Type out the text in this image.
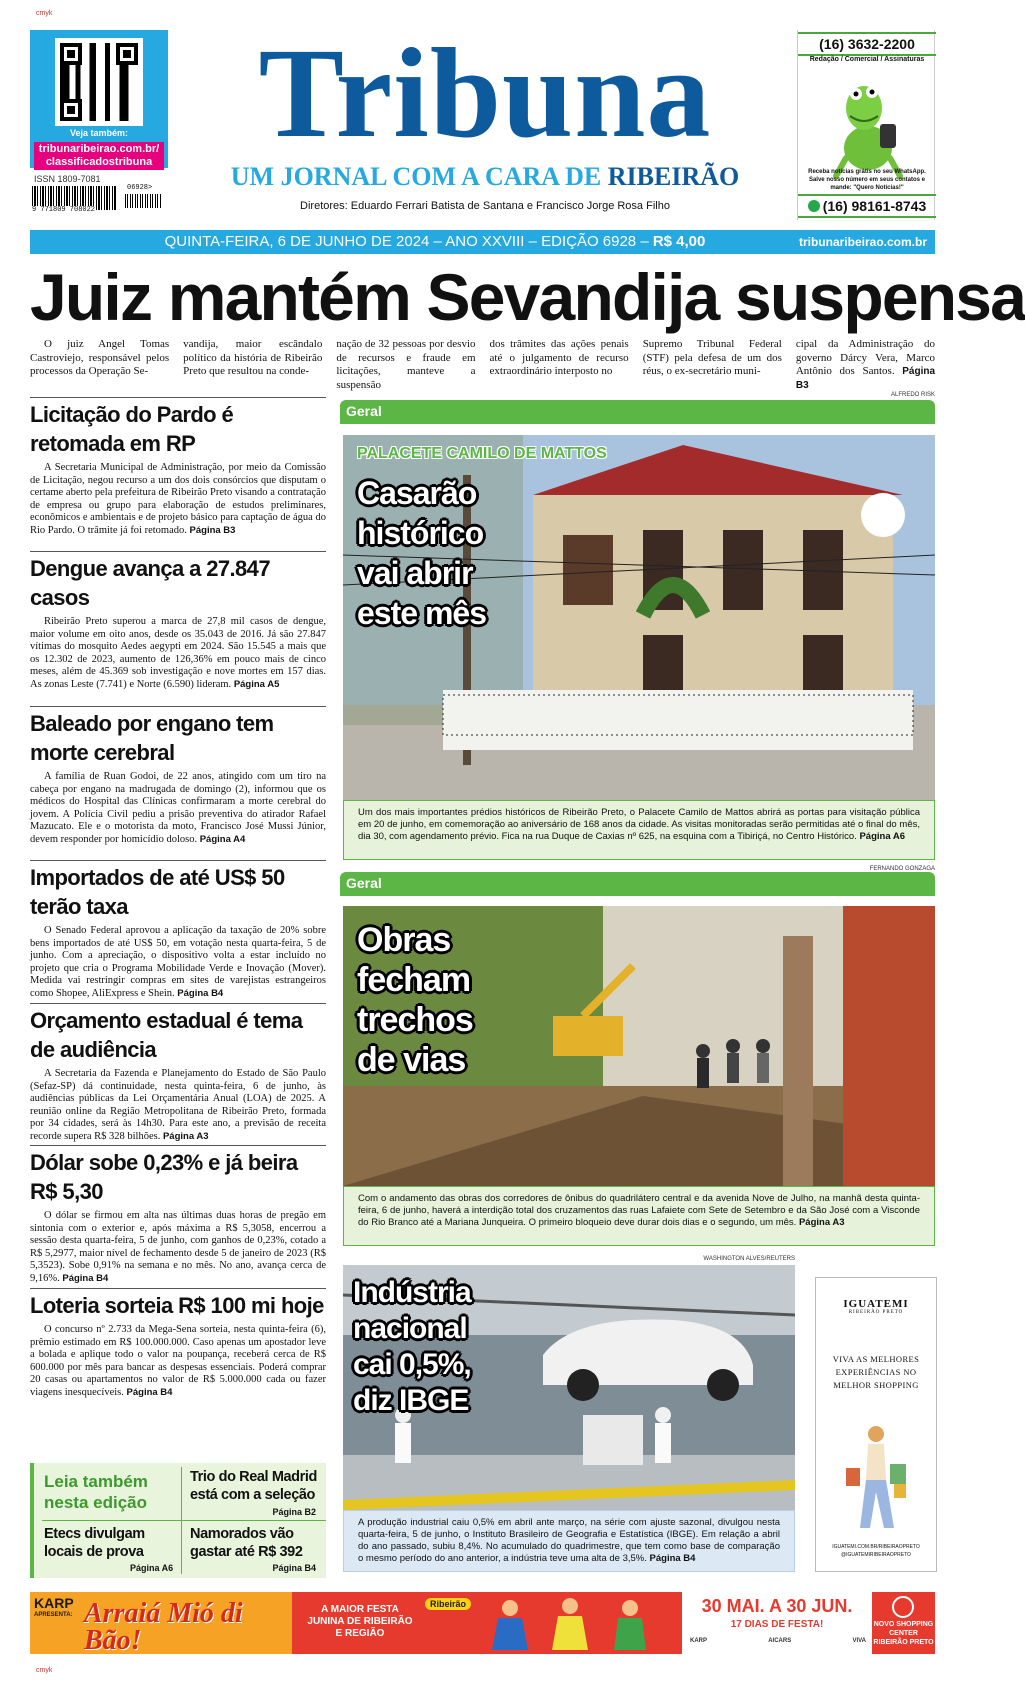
cmyk
cmyk
Veja também:
tribunaribeirao.com.br/ classificadostribuna
ISSN 1809-7081
9 771809 708022
06928>
Tribuna
UM JORNAL COM A CARA DE RIBEIRÃO
Diretores: Eduardo Ferrari Batista de Santana e Francisco Jorge Rosa Filho
(16) 3632-2200
Redação / Comercial / Assinaturas
Receba notícias grátis no seu WhatsApp. Salve nosso número em seus contatos e mande: "Quero Notícias!"
(16) 98161-8743
QUINTA-FEIRA, 6 DE JUNHO DE 2024 – ANO XXVIII – EDIÇÃO 6928 – R$ 4,00	tribunaribeirao.com.br
Juiz mantém Sevandija suspensa
O juiz Angel Tomas Castroviejo, responsável pelos processos da Operação Se-
vandija, maior escândalo político da história de Ribeirão Preto que resultou na conde-
nação de 32 pessoas por desvio de recursos e fraude em licitações, manteve a suspensão
dos trâmites das ações penais até o julgamento de recurso extraordinário interposto no
Supremo Tribunal Federal (STF) pela defesa de um dos réus, o ex-secretário muni-
cipal da Administração do governo Dárcy Vera, Marco Antônio dos Santos. Página B3
Licitação do Pardo é retomada em RP
A Secretaria Municipal de Administração, por meio da Comissão de Licitação, negou recurso a um dos dois consórcios que disputam o certame aberto pela prefeitura de Ribeirão Preto visando a contratação de empresa ou grupo para elaboração de estudos preliminares, econômicos e ambientais e de projeto básico para captação de água do Rio Pardo. O trâmite já foi retomado. Página B3
Dengue avança a 27.847 casos
Ribeirão Preto superou a marca de 27,8 mil casos de dengue, maior volume em oito anos, desde os 35.043 de 2016. Já são 27.847 vítimas do mosquito Aedes aegypti em 2024. São 15.545 a mais que os 12.302 de 2023, aumento de 126,36% em pouco mais de cinco meses, além de 45.369 sob investigação e nove mortes em 157 dias. As zonas Leste (7.741) e Norte (6.590) lideram. Página A5
Baleado por engano tem morte cerebral
A família de Ruan Godoi, de 22 anos, atingido com um tiro na cabeça por engano na madrugada de domingo (2), informou que os médicos do Hospital das Clínicas confirmaram a morte cerebral do jovem. A Polícia Civil pediu a prisão preventiva do atirador Rafael Mazucato. Ele e o motorista da moto, Francisco José Mussi Júnior, devem responder por homicídio doloso. Página A4
Importados de até US$ 50 terão taxa
O Senado Federal aprovou a aplicação da taxação de 20% sobre bens importados de até US$ 50, em votação nesta quarta-feira, 5 de junho. Com a apreciação, o dispositivo volta a estar incluído no projeto que cria o Programa Mobilidade Verde e Inovação (Mover). Medida vai restringir compras em sites de varejistas estrangeiros como Shopee, AliExpress e Shein. Página B4
Orçamento estadual é tema de audiência
A Secretaria da Fazenda e Planejamento do Estado de São Paulo (Sefaz-SP) dá continuidade, nesta quinta-feira, 6 de junho, às audiências públicas da Lei Orçamentária Anual (LOA) de 2025. A reunião online da Região Metropolitana de Ribeirão Preto, formada por 34 cidades, será às 14h30. Para este ano, a previsão de receita recorde supera R$ 328 bilhões. Página A3
Dólar sobe 0,23% e já beira R$ 5,30
O dólar se firmou em alta nas últimas duas horas de pregão em sintonia com o exterior e, após máxima a R$ 5,3058, encerrou a sessão desta quarta-feira, 5 de junho, com ganhos de 0,23%, cotado a R$ 5,2977, maior nível de fechamento desde 5 de janeiro de 2023 (R$ 5,3523). Sobe 0,91% na semana e no mês. No ano, avança cerca de 9,16%. Página B4
Loteria sorteia R$ 100 mi hoje
O concurso nº 2.733 da Mega-Sena sorteia, nesta quinta-feira (6), prêmio estimado em R$ 100.000.000. Caso apenas um apostador leve a bolada e aplique todo o valor na poupança, receberá cerca de R$ 600.000 por mês para bancar as despesas essenciais. Poderá comprar 20 casas ou apartamentos no valor de R$ 5.000.000 cada ou fazer viagens inesquecíveis. Página B4
Leia também nesta edição
Trio do Real Madrid está com a seleção
Página B2
Etecs divulgam locais de prova
Página A6
Namorados vão gastar até R$ 392
Página B4
ALFREDO RISK
Geral
PALACETE CAMILO DE MATTOS
Casarão
histórico
vai abrir
este mês
Um dos mais importantes prédios históricos de Ribeirão Preto, o Palacete Camilo de Mattos abrirá as portas para visitação pública em 20 de junho, em comemoração ao aniversário de 168 anos da cidade. As visitas monitoradas serão permitidas até o final do mês, dia 30, com agendamento prévio. Fica na rua Duque de Caxias nº 625, na esquina com a Tibiriçá, no Centro Histórico. Página A6
FERNANDO GONZAGA
Geral
Obras
fecham
trechos
de vias
Com o andamento das obras dos corredores de ônibus do quadrilátero central e da avenida Nove de Julho, na manhã desta quinta-feira, 6 de junho, haverá a interdição total dos cruzamentos das ruas Lafaiete com Sete de Setembro e da São José com a Visconde do Rio Branco até a Mariana Junqueira. O primeiro bloqueio deve durar dois dias e o segundo, um mês. Página A3
WASHINGTON ALVES/REUTERS
Indústria
nacional
cai 0,5%,
diz IBGE
A produção industrial caiu 0,5% em abril ante março, na série com ajuste sazonal, divulgou nesta quarta-feira, 5 de junho, o Instituto Brasileiro de Geografia e Estatística (IBGE). Em relação a abril do ano passado, subiu 8,4%. No acumulado do quadrimestre, que tem como base de comparação o mesmo período do ano anterior, a indústria teve uma alta de 3,5%. Página B4
IGUATEMI
RIBEIRÃO PRETO
VIVA AS MELHORES EXPERIÊNCIAS NO MELHOR SHOPPING
IGUATEMI.COM.BR/RIBEIRAOPRETO
@IGUATEMIRIBEIRAOPRETO
KARP
APRESENTA: Arraiá Mió di Bão!
A MAIOR FESTA JUNINA DE RIBEIRÃO E REGIÃO
Ribeirão	30 MAI. A 30 JUN.
17 DIAS DE FESTA!
KARP	AICARS	VIVA
NOVO SHOPPING CENTER RIBEIRÃO PRETO
